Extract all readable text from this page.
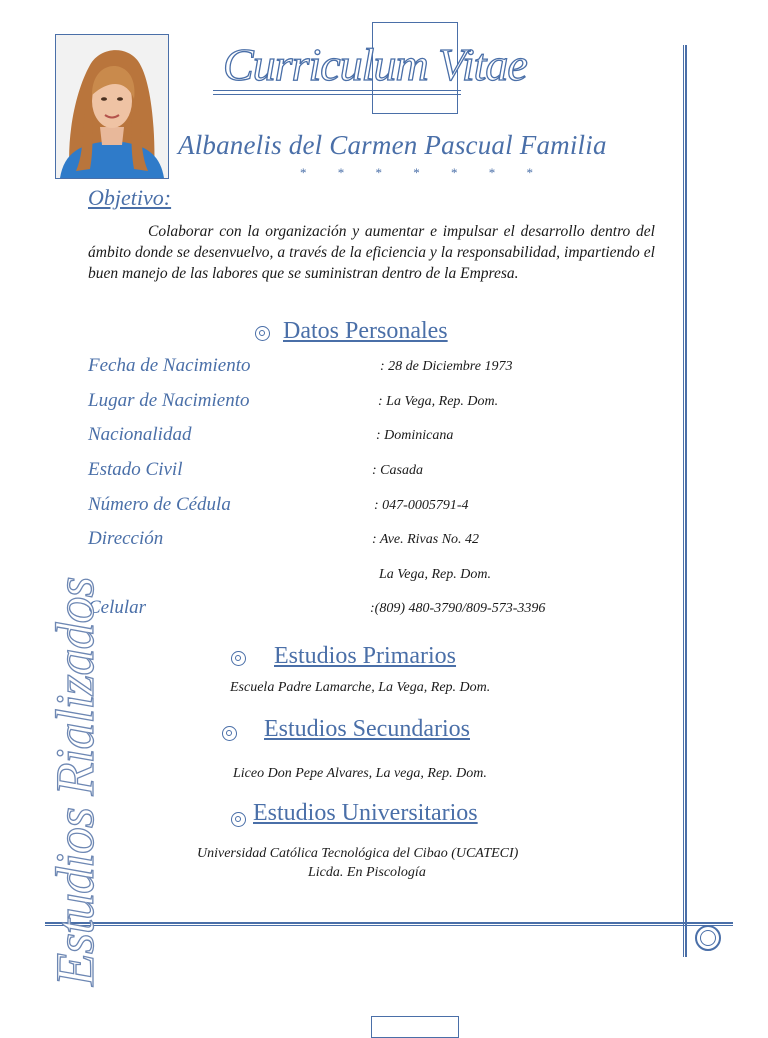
Curriculum Vitae
Albanelis del Carmen Pascual Familia
* * * * * * *
Objetivo:
Colaborar con la organización y aumentar e impulsar el desarrollo dentro del ámbito donde se desenvuelvo, a través de la eficiencia y la responsabilidad, impartiendo el buen manejo de las labores que se suministran dentro de la Empresa.
Datos Personales
Fecha de Nacimiento	: 28 de Diciembre 1973
Lugar de Nacimiento	: La Vega, Rep. Dom.
Nacionalidad	: Dominicana
Estado Civil	: Casada
Número de Cédula	: 047-0005791-4
Dirección	: Ave. Rivas No. 42
La Vega, Rep. Dom.
Celular	:(809) 480-3790/809-573-3396
Estudios Rializados	Estudios Primarios
Escuela Padre Lamarche, La Vega, Rep. Dom.
Estudios Secundarios
Liceo Don Pepe Alvares, La vega, Rep. Dom.
Estudios Universitarios
Universidad Católica Tecnológica del Cibao (UCATECI)
Licda. En Piscología
